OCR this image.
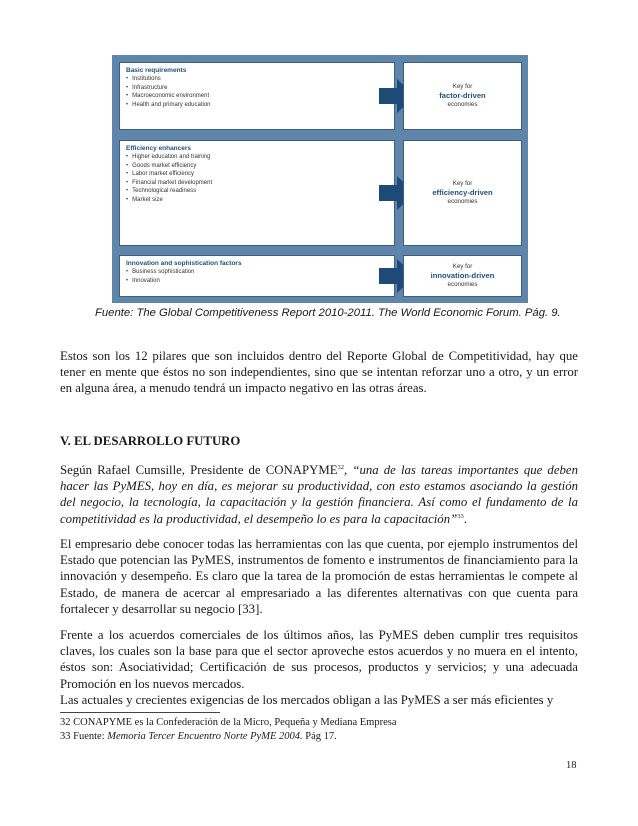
Basic requirements
• Institutions
• Infrastructure
• Macroeconomic environment
• Health and primary education
Key for
factor-driven
economies
Efficiency enhancers
• Higher education and training
• Goods market efficiency
• Labor market efficiency
• Financial market development
• Technological readiness
• Market size
Key for
efficiency-driven
economies
Innovation and sophistication factors
• Business sophistication
• Innovation
Key for
innovation-driven
economies
Fuente: The Global Competitiveness Report 2010-2011. The World Economic Forum. Pág. 9.

Estos son los 12 pilares que son incluidos dentro del Reporte Global de Competitividad, hay que tener en mente que éstos no son independientes, sino que se intentan reforzar uno a otro, y un error en alguna área, a menudo tendrá un impacto negativo en las otras áreas.

V. EL DESARROLLO FUTURO

Según Rafael Cumsille, Presidente de CONAPYME$^{32}$, “una de las tareas importantes que deben hacer las PyMES, hoy en día, es mejorar su productividad, con esto estamos asociando la gestión del negocio, la tecnología, la capacitación y la gestión financiera. Así como el fundamento de la competitividad es la productividad, el desempeño lo es para la capacitación”$^{33}$.

El empresario debe conocer todas las herramientas con las que cuenta, por ejemplo instrumentos del Estado que potencian las PyMES, instrumentos de fomento e instrumentos de financiamiento para la innovación y desempeño. Es claro que la tarea de la promoción de estas herramientas le compete al Estado, de manera de acercar al empresariado a las diferentes alternativas con que cuenta para fortalecer y desarrollar su negocio [33].

Frente a los acuerdos comerciales de los últimos años, las PyMES deben cumplir tres requisitos claves, los cuales son la base para que el sector aproveche estos acuerdos y no muera en el intento, éstos son: Asociatividad; Certificación de sus procesos, productos y servicios; y una adecuada Promoción en los nuevos mercados.

Las actuales y crecientes exigencias de los mercados obligan a las PyMES a ser más eficientes y

32 CONAPYME es la Confederación de la Micro, Pequeña y Mediana Empresa

33 Fuente: Memoria Tercer Encuentro Norte PyME 2004. Pág 17.

18
